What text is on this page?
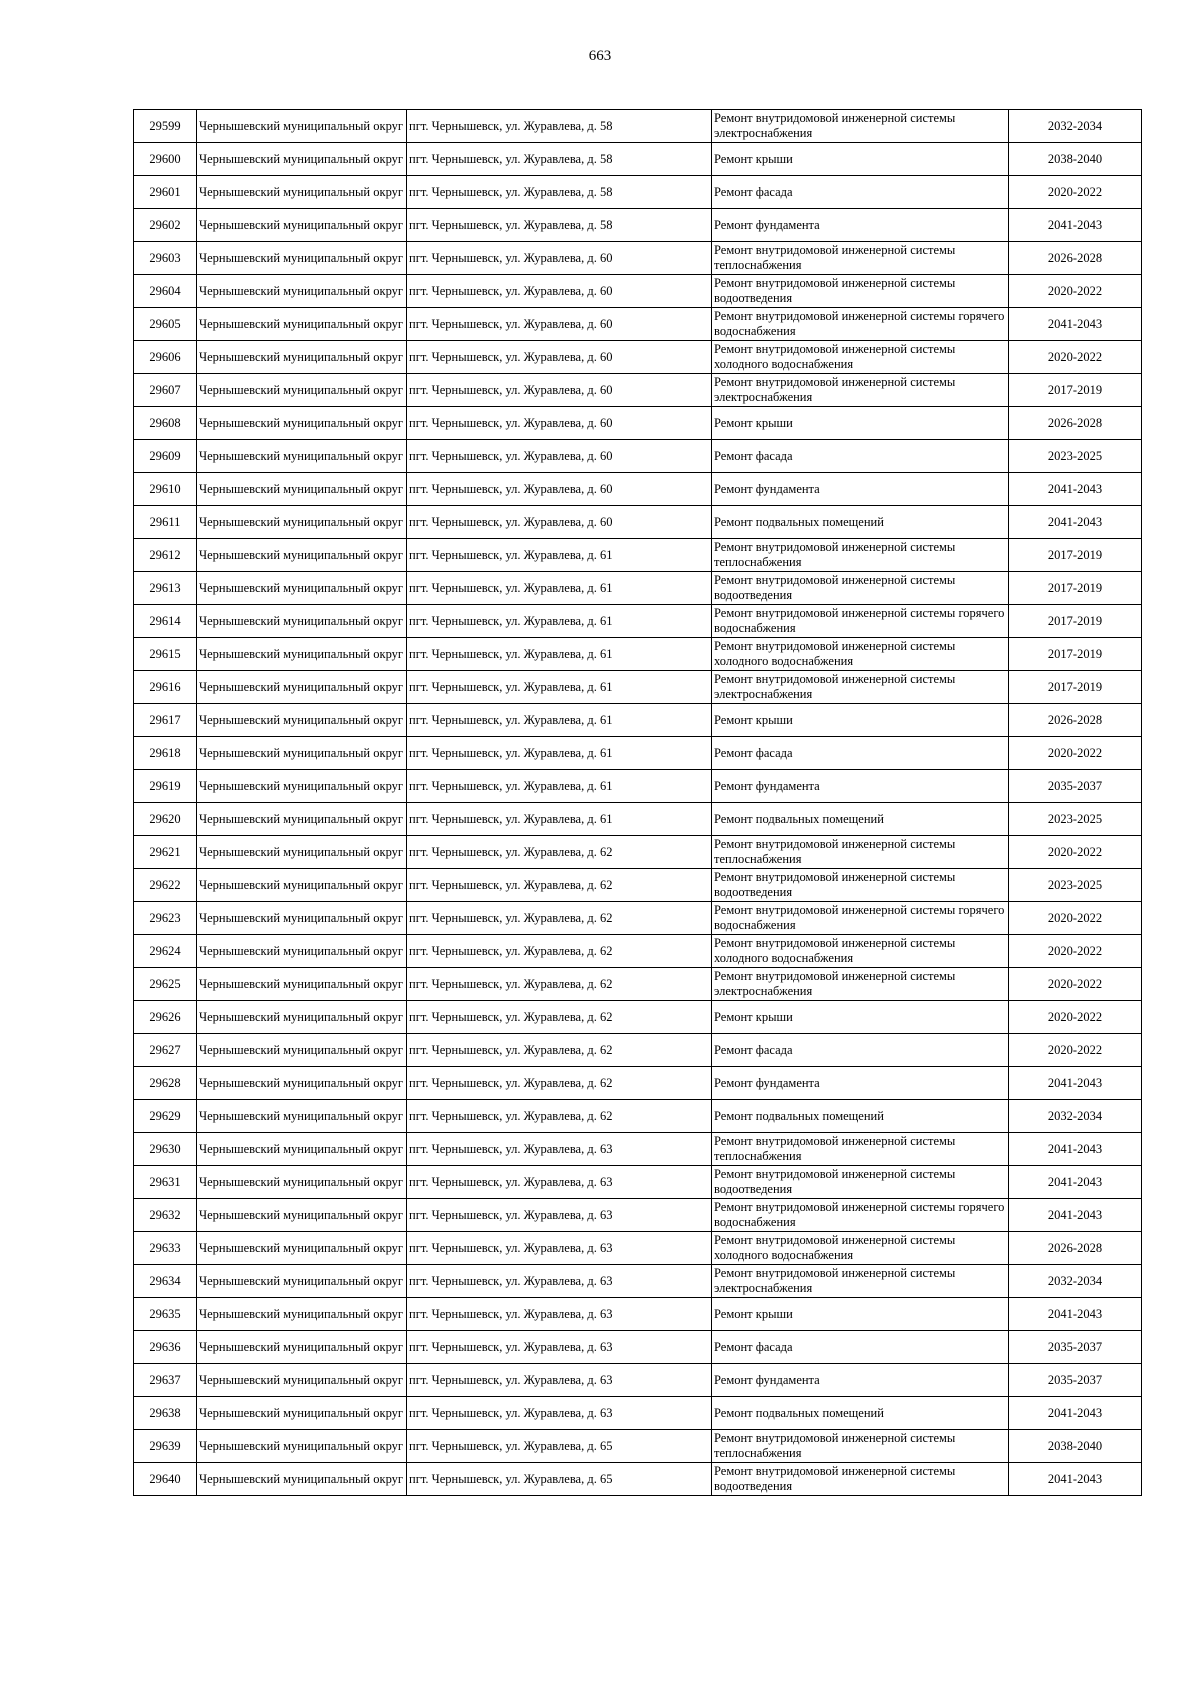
663
29599	Чернышевский муниципальный округ	пгт. Чернышевск, ул. Журавлева, д. 58	Ремонт внутридомовой инженерной системы электроснабжения	2032-2034
29600	Чернышевский муниципальный округ	пгт. Чернышевск, ул. Журавлева, д. 58	Ремонт крыши	2038-2040
29601	Чернышевский муниципальный округ	пгт. Чернышевск, ул. Журавлева, д. 58	Ремонт фасада	2020-2022
29602	Чернышевский муниципальный округ	пгт. Чернышевск, ул. Журавлева, д. 58	Ремонт фундамента	2041-2043
29603	Чернышевский муниципальный округ	пгт. Чернышевск, ул. Журавлева, д. 60	Ремонт внутридомовой инженерной системы теплоснабжения	2026-2028
29604	Чернышевский муниципальный округ	пгт. Чернышевск, ул. Журавлева, д. 60	Ремонт внутридомовой инженерной системы водоотведения	2020-2022
29605	Чернышевский муниципальный округ	пгт. Чернышевск, ул. Журавлева, д. 60	Ремонт внутридомовой инженерной системы горячего водоснабжения	2041-2043
29606	Чернышевский муниципальный округ	пгт. Чернышевск, ул. Журавлева, д. 60	Ремонт внутридомовой инженерной системы холодного водоснабжения	2020-2022
29607	Чернышевский муниципальный округ	пгт. Чернышевск, ул. Журавлева, д. 60	Ремонт внутридомовой инженерной системы электроснабжения	2017-2019
29608	Чернышевский муниципальный округ	пгт. Чернышевск, ул. Журавлева, д. 60	Ремонт крыши	2026-2028
29609	Чернышевский муниципальный округ	пгт. Чернышевск, ул. Журавлева, д. 60	Ремонт фасада	2023-2025
29610	Чернышевский муниципальный округ	пгт. Чернышевск, ул. Журавлева, д. 60	Ремонт фундамента	2041-2043
29611	Чернышевский муниципальный округ	пгт. Чернышевск, ул. Журавлева, д. 60	Ремонт подвальных помещений	2041-2043
29612	Чернышевский муниципальный округ	пгт. Чернышевск, ул. Журавлева, д. 61	Ремонт внутридомовой инженерной системы теплоснабжения	2017-2019
29613	Чернышевский муниципальный округ	пгт. Чернышевск, ул. Журавлева, д. 61	Ремонт внутридомовой инженерной системы водоотведения	2017-2019
29614	Чернышевский муниципальный округ	пгт. Чернышевск, ул. Журавлева, д. 61	Ремонт внутридомовой инженерной системы горячего водоснабжения	2017-2019
29615	Чернышевский муниципальный округ	пгт. Чернышевск, ул. Журавлева, д. 61	Ремонт внутридомовой инженерной системы холодного водоснабжения	2017-2019
29616	Чернышевский муниципальный округ	пгт. Чернышевск, ул. Журавлева, д. 61	Ремонт внутридомовой инженерной системы электроснабжения	2017-2019
29617	Чернышевский муниципальный округ	пгт. Чернышевск, ул. Журавлева, д. 61	Ремонт крыши	2026-2028
29618	Чернышевский муниципальный округ	пгт. Чернышевск, ул. Журавлева, д. 61	Ремонт фасада	2020-2022
29619	Чернышевский муниципальный округ	пгт. Чернышевск, ул. Журавлева, д. 61	Ремонт фундамента	2035-2037
29620	Чернышевский муниципальный округ	пгт. Чернышевск, ул. Журавлева, д. 61	Ремонт подвальных помещений	2023-2025
29621	Чернышевский муниципальный округ	пгт. Чернышевск, ул. Журавлева, д. 62	Ремонт внутридомовой инженерной системы теплоснабжения	2020-2022
29622	Чернышевский муниципальный округ	пгт. Чернышевск, ул. Журавлева, д. 62	Ремонт внутридомовой инженерной системы водоотведения	2023-2025
29623	Чернышевский муниципальный округ	пгт. Чернышевск, ул. Журавлева, д. 62	Ремонт внутридомовой инженерной системы горячего водоснабжения	2020-2022
29624	Чернышевский муниципальный округ	пгт. Чернышевск, ул. Журавлева, д. 62	Ремонт внутридомовой инженерной системы холодного водоснабжения	2020-2022
29625	Чернышевский муниципальный округ	пгт. Чернышевск, ул. Журавлева, д. 62	Ремонт внутридомовой инженерной системы электроснабжения	2020-2022
29626	Чернышевский муниципальный округ	пгт. Чернышевск, ул. Журавлева, д. 62	Ремонт крыши	2020-2022
29627	Чернышевский муниципальный округ	пгт. Чернышевск, ул. Журавлева, д. 62	Ремонт фасада	2020-2022
29628	Чернышевский муниципальный округ	пгт. Чернышевск, ул. Журавлева, д. 62	Ремонт фундамента	2041-2043
29629	Чернышевский муниципальный округ	пгт. Чернышевск, ул. Журавлева, д. 62	Ремонт подвальных помещений	2032-2034
29630	Чернышевский муниципальный округ	пгт. Чернышевск, ул. Журавлева, д. 63	Ремонт внутридомовой инженерной системы теплоснабжения	2041-2043
29631	Чернышевский муниципальный округ	пгт. Чернышевск, ул. Журавлева, д. 63	Ремонт внутридомовой инженерной системы водоотведения	2041-2043
29632	Чернышевский муниципальный округ	пгт. Чернышевск, ул. Журавлева, д. 63	Ремонт внутридомовой инженерной системы горячего водоснабжения	2041-2043
29633	Чернышевский муниципальный округ	пгт. Чернышевск, ул. Журавлева, д. 63	Ремонт внутридомовой инженерной системы холодного водоснабжения	2026-2028
29634	Чернышевский муниципальный округ	пгт. Чернышевск, ул. Журавлева, д. 63	Ремонт внутридомовой инженерной системы электроснабжения	2032-2034
29635	Чернышевский муниципальный округ	пгт. Чернышевск, ул. Журавлева, д. 63	Ремонт крыши	2041-2043
29636	Чернышевский муниципальный округ	пгт. Чернышевск, ул. Журавлева, д. 63	Ремонт фасада	2035-2037
29637	Чернышевский муниципальный округ	пгт. Чернышевск, ул. Журавлева, д. 63	Ремонт фундамента	2035-2037
29638	Чернышевский муниципальный округ	пгт. Чернышевск, ул. Журавлева, д. 63	Ремонт подвальных помещений	2041-2043
29639	Чернышевский муниципальный округ	пгт. Чернышевск, ул. Журавлева, д. 65	Ремонт внутридомовой инженерной системы теплоснабжения	2038-2040
29640	Чернышевский муниципальный округ	пгт. Чернышевск, ул. Журавлева, д. 65	Ремонт внутридомовой инженерной системы водоотведения	2041-2043
